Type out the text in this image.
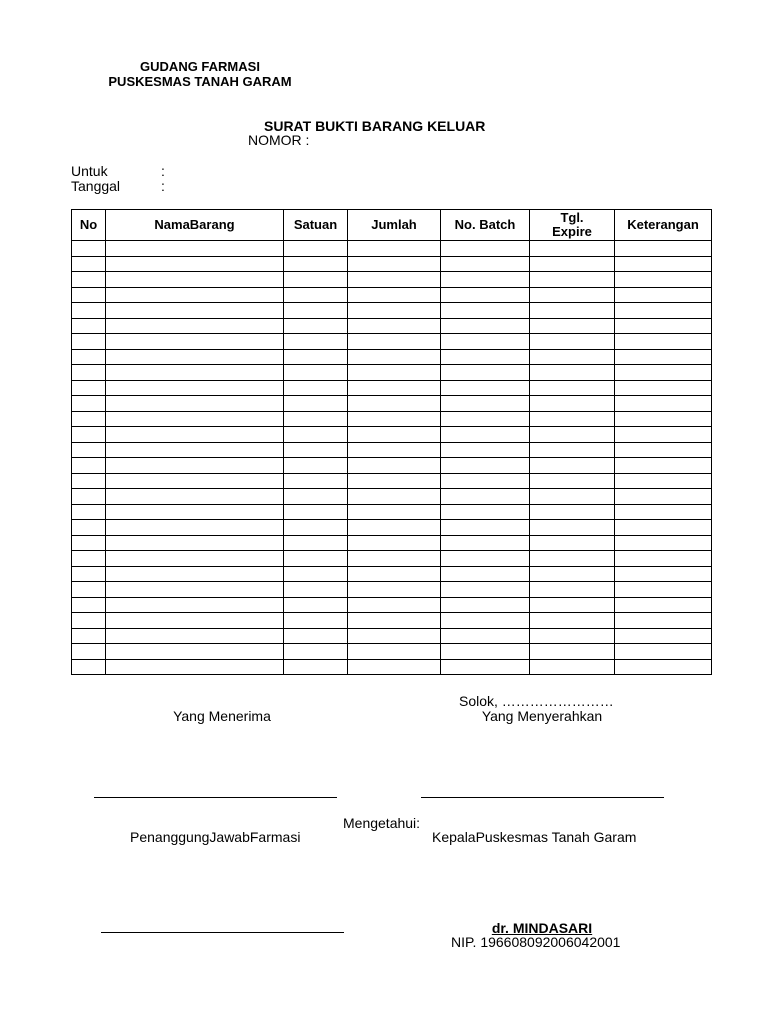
GUDANG FARMASI
PUSKESMAS TANAH GARAM
SURAT BUKTI BARANG KELUAR
NOMOR :
Untuk	:
Tanggal	:
No	NamaBarang	Satuan	Jumlah	No. Batch	Tgl. Expire	Keterangan

Solok, ……………………
Yang Menerima	Yang Menyerahkan
Mengetahui:
PenanggungJawabFarmasi	KepalaPuskesmas Tanah Garam
dr. MINDASARI
NIP. 196608092006042001
